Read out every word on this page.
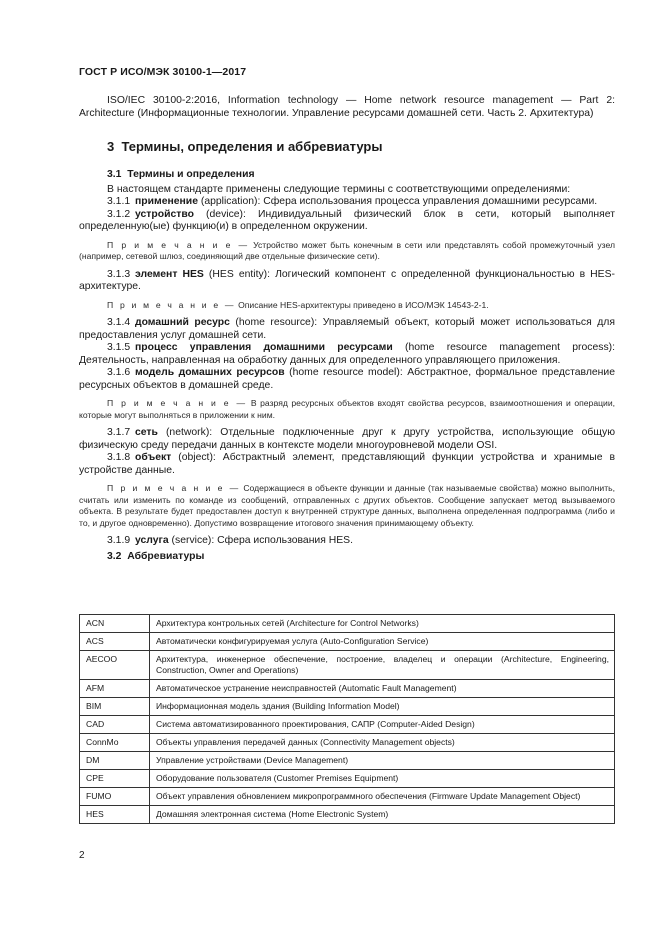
ГОСТ Р ИСО/МЭК 30100-1—2017

ISO/IEC 30100-2:2016, Information technology — Home network resource management — Part 2: Architecture (Информационные технологии. Управление ресурсами домашней сети. Часть 2. Архитектура)

3 Термины, определения и аббревиатуры
3.1 Термины и определения

В настоящем стандарте применены следующие термины с соответствующими определениями:

3.1.1 применение (application): Сфера использования процесса управления домашними ресурсами.

3.1.2 устройство (device): Индивидуальный физический блок в сети, который выполняет определенную(ые) функцию(и) в определенном окружении.

П р и м е ч а н и е — Устройство может быть конечным в сети или представлять собой промежуточный узел (например, сетевой шлюз, соединяющий две отдельные физические сети).

3.1.3 элемент HES (HES entity): Логический компонент с определенной функциональностью в HES-архитектуре.

П р и м е ч а н и е — Описание HES-архитектуры приведено в ИСО/МЭК 14543-2-1.

3.1.4 домашний ресурс (home resource): Управляемый объект, который может использоваться для предоставления услуг домашней сети.

3.1.5 процесс управления домашними ресурсами (home resource management process): Деятельность, направленная на обработку данных для определенного управляющего приложения.

3.1.6 модель домашних ресурсов (home resource model): Абстрактное, формальное представление ресурсных объектов в домашней среде.

П р и м е ч а н и е — В разряд ресурсных объектов входят свойства ресурсов, взаимоотношения и операции, которые могут выполняться в приложении к ним.

3.1.7 сеть (network): Отдельные подключенные друг к другу устройства, использующие общую физическую среду передачи данных в контексте модели многоуровневой модели OSI.

3.1.8 объект (object): Абстрактный элемент, представляющий функции устройства и хранимые в устройстве данные.

П р и м е ч а н и е — Содержащиеся в объекте функции и данные (так называемые свойства) можно выполнить, считать или изменить по команде из сообщений, отправленных с других объектов. Сообщение запускает метод вызываемого объекта. В результате будет предоставлен доступ к внутренней структуре данных, выполнена определенная подпрограмма (либо и то, и другое одновременно). Допустимо возвращение итогового значения принимающему объекту.

3.1.9 услуга (service): Сфера использования HES.

3.2 Аббревиатуры
ACN	Архитектура контрольных сетей (Architecture for Control Networks)
ACS	Автоматически конфигурируемая услуга (Auto-Configuration Service)
AECOO	Архитектура, инженерное обеспечение, построение, владелец и операции (Architecture, Engineering, Construction, Owner and Operations)
AFM	Автоматическое устранение неисправностей (Automatic Fault Management)
BIM	Информационная модель здания (Building Information Model)
CAD	Система автоматизированного проектирования, САПР (Computer-Aided Design)
ConnMo	Объекты управления передачей данных (Connectivity Management objects)
DM	Управление устройствами (Device Management)
CPE	Оборудование пользователя (Customer Premises Equipment)
FUMO	Объект управления обновлением микропрограммного обеспечения (Firmware Update Management Object)
HES	Домашняя электронная система (Home Electronic System)
2
